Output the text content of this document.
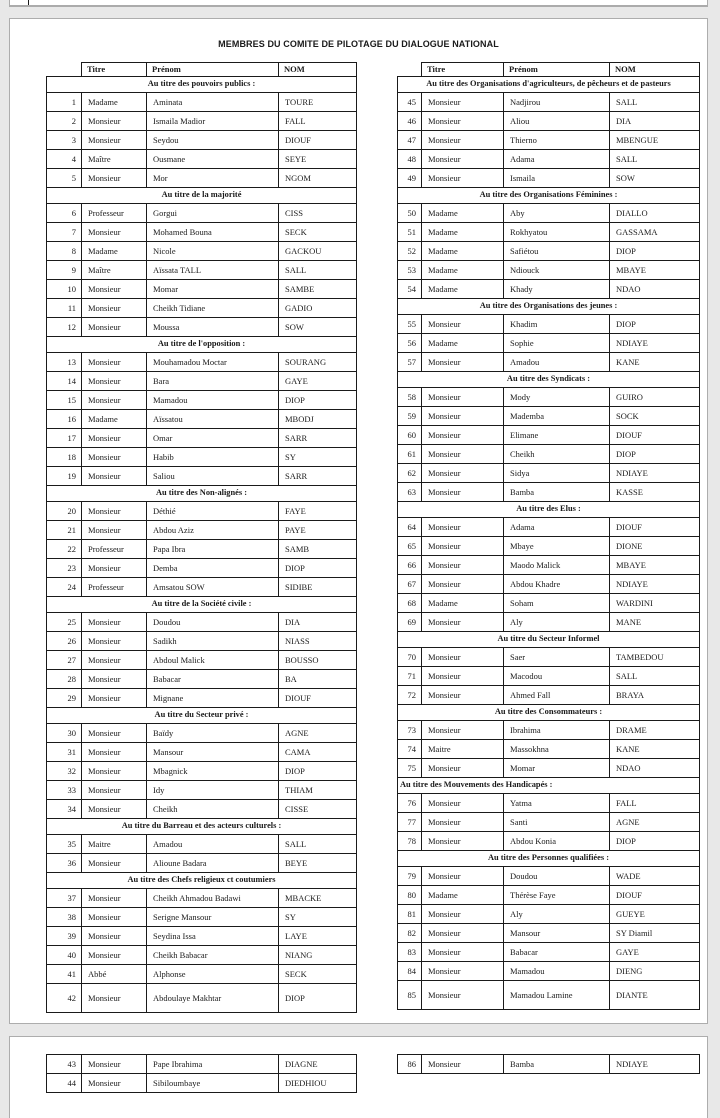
MEMBRES DU COMITE DE PILOTAGE DU DIALOGUE NATIONAL
	Titre	Prénom	NOM
Au titre des pouvoirs publics :			
1	Madame	Aminata	TOURE
2	Monsieur	Ismaila Madior	FALL
3	Monsieur	Seydou	DIOUF
4	Maître	Ousmane	SEYE
5	Monsieur	Mor	NGOM
Au titre de la majorité			
6	Professeur	Gorgui	CISS
7	Monsieur	Mohamed Bouna	SECK
8	Madame	Nicole	GACKOU
9	Maître	Aïssata TALL	SALL
10	Monsieur	Momar	SAMBE
11	Monsieur	Cheikh Tidiane	GADIO
12	Monsieur	Moussa	SOW
Au titre de l'opposition :			
13	Monsieur	Mouhamadou Moctar	SOURANG
14	Monsieur	Bara	GAYE
15	Monsieur	Mamadou	DIOP
16	Madame	Aïssatou	MBODJ
17	Monsieur	Omar	SARR
18	Monsieur	Habib	SY
19	Monsieur	Saliou	SARR
Au titre des Non-alignés :			
20	Monsieur	Déthié	FAYE
21	Monsieur	Abdou Aziz	PAYE
22	Professeur	Papa Ibra	SAMB
23	Monsieur	Demba	DIOP
24	Professeur	Amsatou SOW	SIDIBE
Au titre de la Société civile :			
25	Monsieur	Doudou	DIA
26	Monsieur	Sadikh	NIASS
27	Monsieur	Abdoul Malick	BOUSSO
28	Monsieur	Babacar	BA
29	Monsieur	Mignane	DIOUF
Au titre du Secteur privé :			
30	Monsieur	Baïdy	AGNE
31	Monsieur	Mansour	CAMA
32	Monsieur	Mbagnick	DIOP
33	Monsieur	Idy	THIAM
34	Monsieur	Cheikh	CISSE
Au titre du Barreau et des acteurs culturels :			
35	Maitre	Amadou	SALL
36	Monsieur	Alioune Badara	BEYE
Au titre des Chefs religieux ct coutumiers			
37	Monsieur	Cheikh Ahmadou Badawi	MBACKE
38	Monsieur	Serigne Mansour	SY
39	Monsieur	Seydina Issa	LAYE
40	Monsieur	Cheikh Babacar	NIANG
41	Abbé	Alphonse	SECK
42	Monsieur	Abdoulaye Makhtar	DIOP
	Titre	Prénom	NOM
Au titre des Organisations d'agriculteurs, de pêcheurs et de pasteurs			
45	Monsieur	Nadjirou	SALL
46	Monsieur	Aliou	DIA
47	Monsieur	Thierno	MBENGUE
48	Monsieur	Adama	SALL
49	Monsieur	Ismaila	SOW
Au titre des Organisations Féminines :			
50	Madame	Aby	DIALLO
51	Madame	Rokhyatou	GASSAMA
52	Madame	Safiétou	DIOP
53	Madame	Ndiouck	MBAYE
54	Madame	Khady	NDAO
Au titre des Organisations des jeunes :			
55	Monsieur	Khadim	DIOP
56	Madame	Sophie	NDIAYE
57	Monsieur	Amadou	KANE
Au titre des Syndicats :			
58	Monsieur	Mody	GUIRO
59	Monsieur	Mademba	SOCK
60	Monsieur	Elimane	DIOUF
61	Monsieur	Cheikh	DIOP
62	Monsieur	Sidya	NDIAYE
63	Monsieur	Bamba	KASSE
Au titre des Elus :			
64	Monsieur	Adama	DIOUF
65	Monsieur	Mbaye	DIONE
66	Monsieur	Maodo Malick	MBAYE
67	Monsieur	Abdou Khadre	NDIAYE
68	Madame	Soham	WARDINI
69	Monsieur	Aly	MANE
Au titre du Secteur Informel			
70	Monsieur	Saer	TAMBEDOU
71	Monsieur	Macodou	SALL
72	Monsieur	Ahmed Fall	BRAYA
Au titre des Consommateurs :			
73	Monsieur	Ibrahima	DRAME
74	Maitre	Massokhna	KANE
75	Monsieur	Momar	NDAO
Au titre des Mouvements des Handicapés :			
76	Monsieur	Yatma	FALL
77	Monsieur	Santi	AGNE
78	Monsieur	Abdou Konia	DIOP
Au titre des Personnes qualifiées :			
79	Monsieur	Doudou	WADE
80	Madame	Thérèse Faye	DIOUF
81	Monsieur	Aly	GUEYE
82	Monsieur	Mansour	SY Diamil
83	Monsieur	Babacar	GAYE
84	Monsieur	Mamadou	DIENG
85	Monsieur	Mamadou Lamine	DIANTE
43	Monsieur	Pape Ibrahima	DIAGNE
44	Monsieur	Sibiloumbaye	DIEDHIOU
86	Monsieur	Bamba	NDIAYE
